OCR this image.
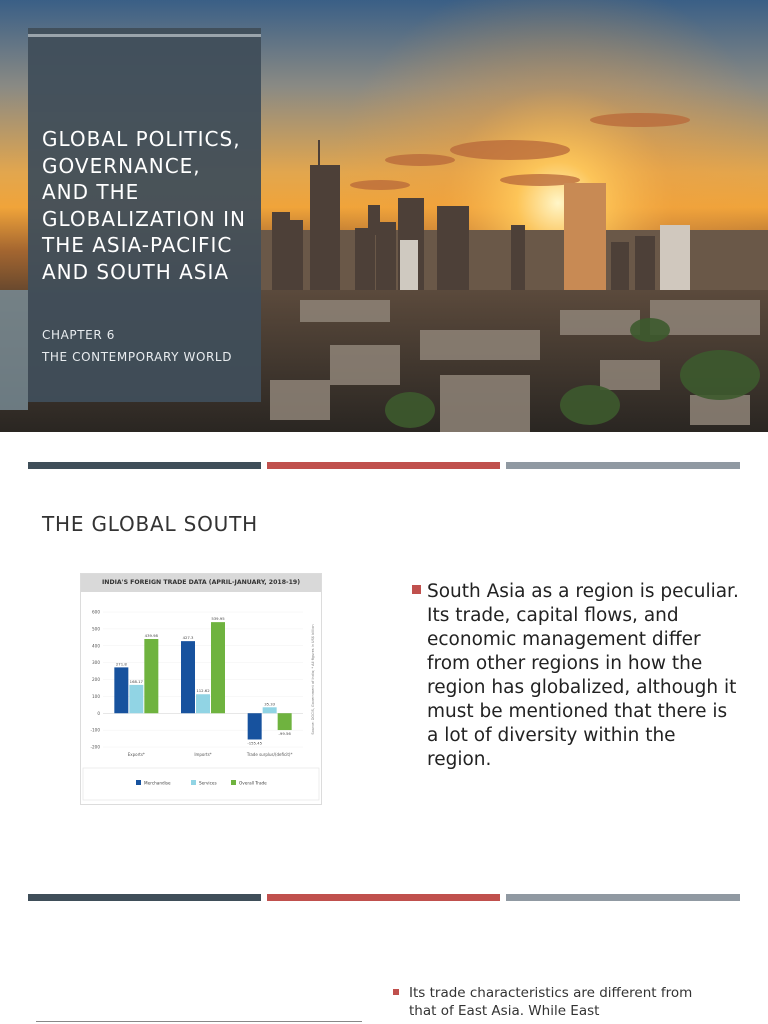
GLOBAL POLITICS, GOVERNANCE, AND THE GLOBALIZATION IN THE ASIA-PACIFIC AND SOUTH ASIA
CHAPTER 6
THE CONTEMPORARY WORLD
THE GLOBAL SOUTH
INDIA'S FOREIGN TRADE DATA (APRIL-JANUARY, 2018-19)
600
500
400
300
200
100
0
-100
-200
271.8
168.17
439.98
Exports*
427.3
112.62
539.95
Imports*
-155.45
35.33
-99.56
Trade surplus/(deficit)*
Source: DGCIS, Government of India; * All figures in US$ billion
Merchandise	Services	Overall Trade
South Asia as a region is peculiar. Its trade, capital flows, and economic management differ from other regions in how the region has globalized, although it must be mentioned that there is a lot of diversity within the region.
Its trade characteristics are different from that of East Asia. While East
